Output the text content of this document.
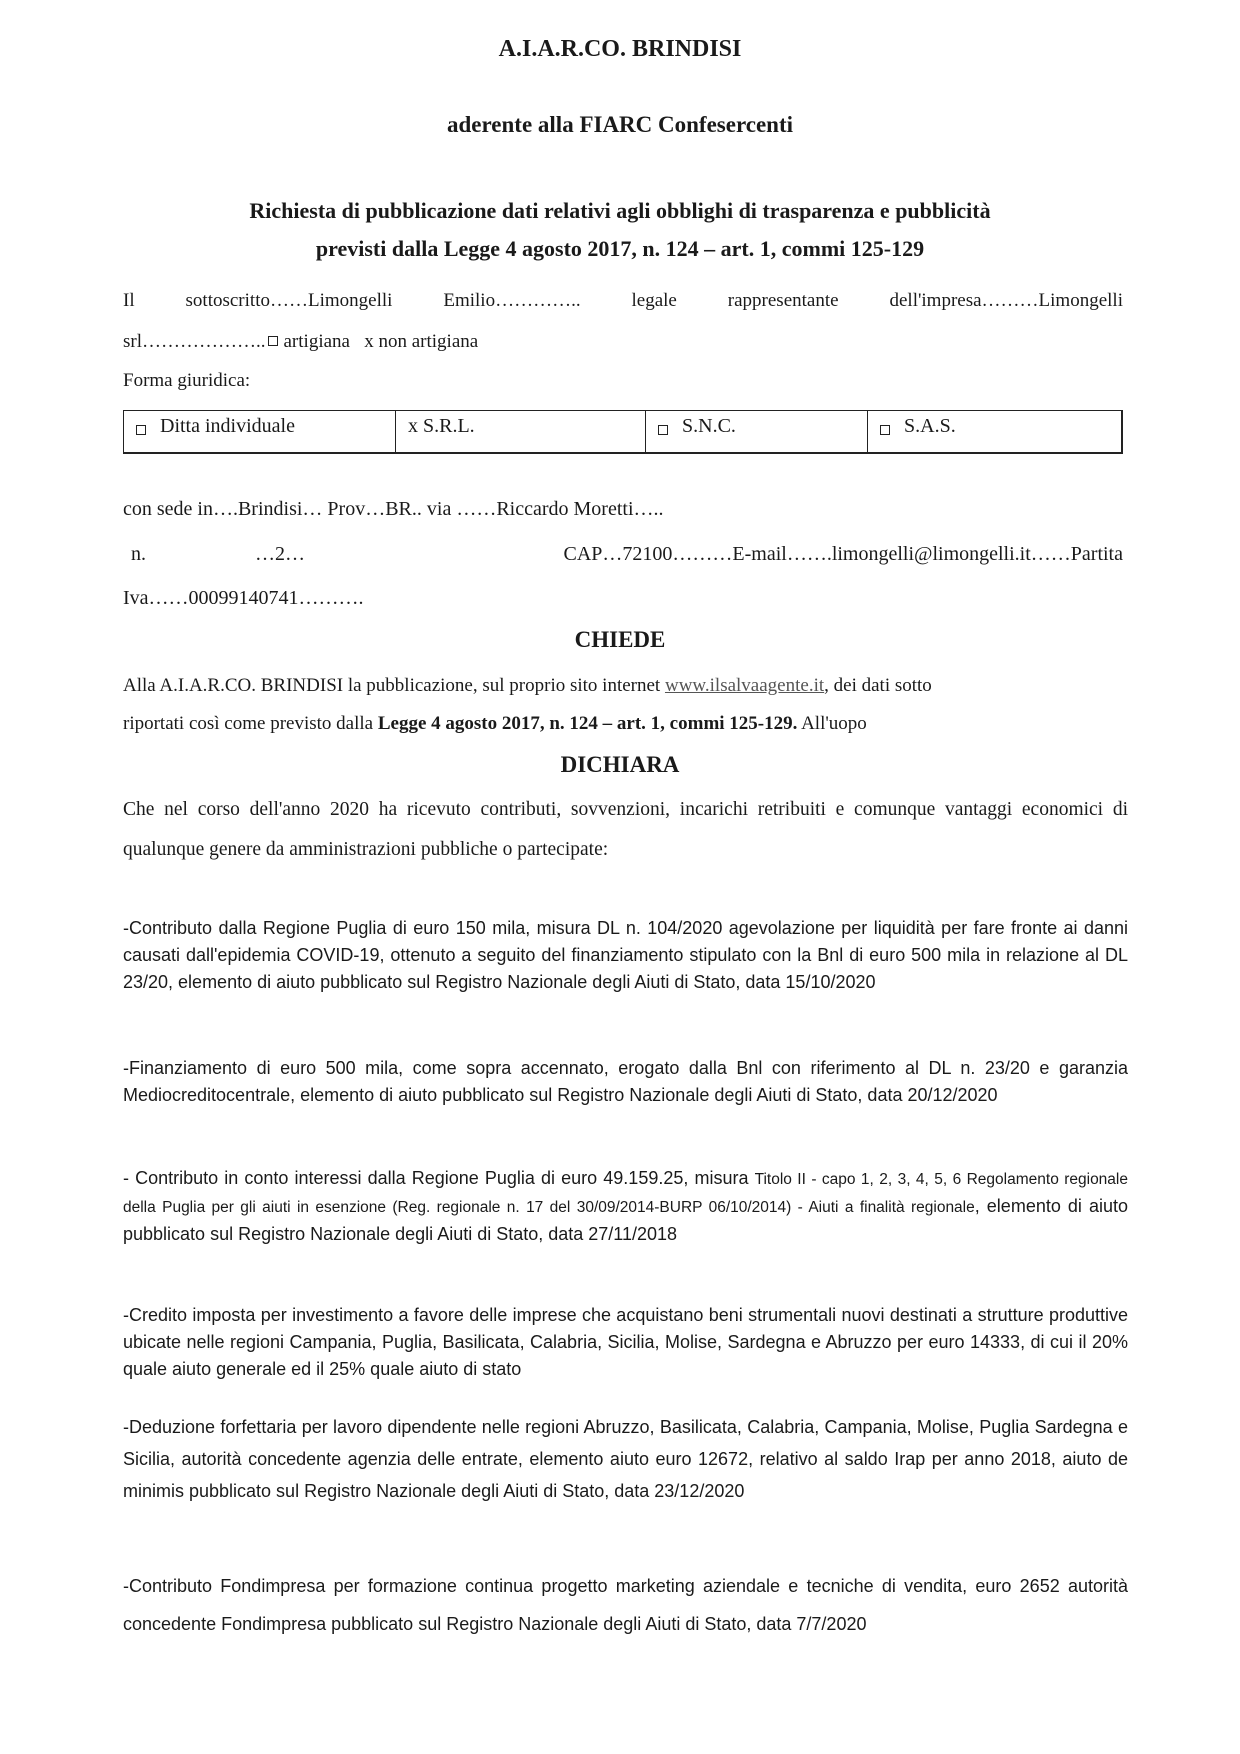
A.I.A.R.CO. BRINDISI
aderente alla FIARC Confesercenti
Richiesta di pubblicazione dati relativi agli obblighi di trasparenza e pubblicità
previsti dalla Legge 4 agosto 2017, n. 124 – art. 1, commi 125-129
Il	sottoscritto……Limongelli	Emilio…………..	legale	rappresentante	dell'impresa………Limongelli
srl……………….. artigiana x non artigiana
Forma giuridica:
Ditta individuale	x S.R.L.	S.N.C.	S.A.S.
con sede in….Brindisi… Prov…BR.. via ……Riccardo Moretti…..
n.	…2…	CAP…72100………E-mail…….limongelli@limongelli.it……Partita
Iva……00099140741……….
CHIEDE
Alla A.I.A.R.CO. BRINDISI la pubblicazione, sul proprio sito internet www.ilsalvaagente.it, dei dati sotto
riportati così come previsto dalla Legge 4 agosto 2017, n. 124 – art. 1, commi 125-129. All'uopo
DICHIARA
Che nel corso dell'anno 2020 ha ricevuto contributi, sovvenzioni, incarichi retribuiti e comunque vantaggi economici di qualunque genere da amministrazioni pubbliche o partecipate:
-Contributo dalla Regione Puglia di euro 150 mila, misura DL n. 104/2020 agevolazione per liquidità per fare fronte ai danni causati dall'epidemia COVID-19, ottenuto a seguito del finanziamento stipulato con la Bnl di euro 500 mila in relazione al DL 23/20, elemento di aiuto pubblicato sul Registro Nazionale degli Aiuti di Stato, data 15/10/2020
-Finanziamento di euro 500 mila, come sopra accennato, erogato dalla Bnl con riferimento al DL n. 23/20 e garanzia Mediocreditocentrale, elemento di aiuto pubblicato sul Registro Nazionale degli Aiuti di Stato, data 20/12/2020
- Contributo in conto interessi dalla Regione Puglia di euro 49.159.25, misura Titolo II - capo 1, 2, 3, 4, 5, 6 Regolamento regionale della Puglia per gli aiuti in esenzione (Reg. regionale n. 17 del 30/09/2014-BURP 06/10/2014) - Aiuti a finalità regionale, elemento di aiuto pubblicato sul Registro Nazionale degli Aiuti di Stato, data 27/11/2018
-Credito imposta per investimento a favore delle imprese che acquistano beni strumentali nuovi destinati a strutture produttive ubicate nelle regioni Campania, Puglia, Basilicata, Calabria, Sicilia, Molise, Sardegna e Abruzzo per euro 14333, di cui il 20% quale aiuto generale ed il 25% quale aiuto di stato
-Deduzione forfettaria per lavoro dipendente nelle regioni Abruzzo, Basilicata, Calabria, Campania, Molise, Puglia Sardegna e Sicilia, autorità concedente agenzia delle entrate, elemento aiuto euro 12672, relativo al saldo Irap per anno 2018, aiuto de minimis pubblicato sul Registro Nazionale degli Aiuti di Stato, data 23/12/2020
-Contributo Fondimpresa per formazione continua progetto marketing aziendale e tecniche di vendita, euro 2652 autorità concedente Fondimpresa pubblicato sul Registro Nazionale degli Aiuti di Stato, data 7/7/2020
